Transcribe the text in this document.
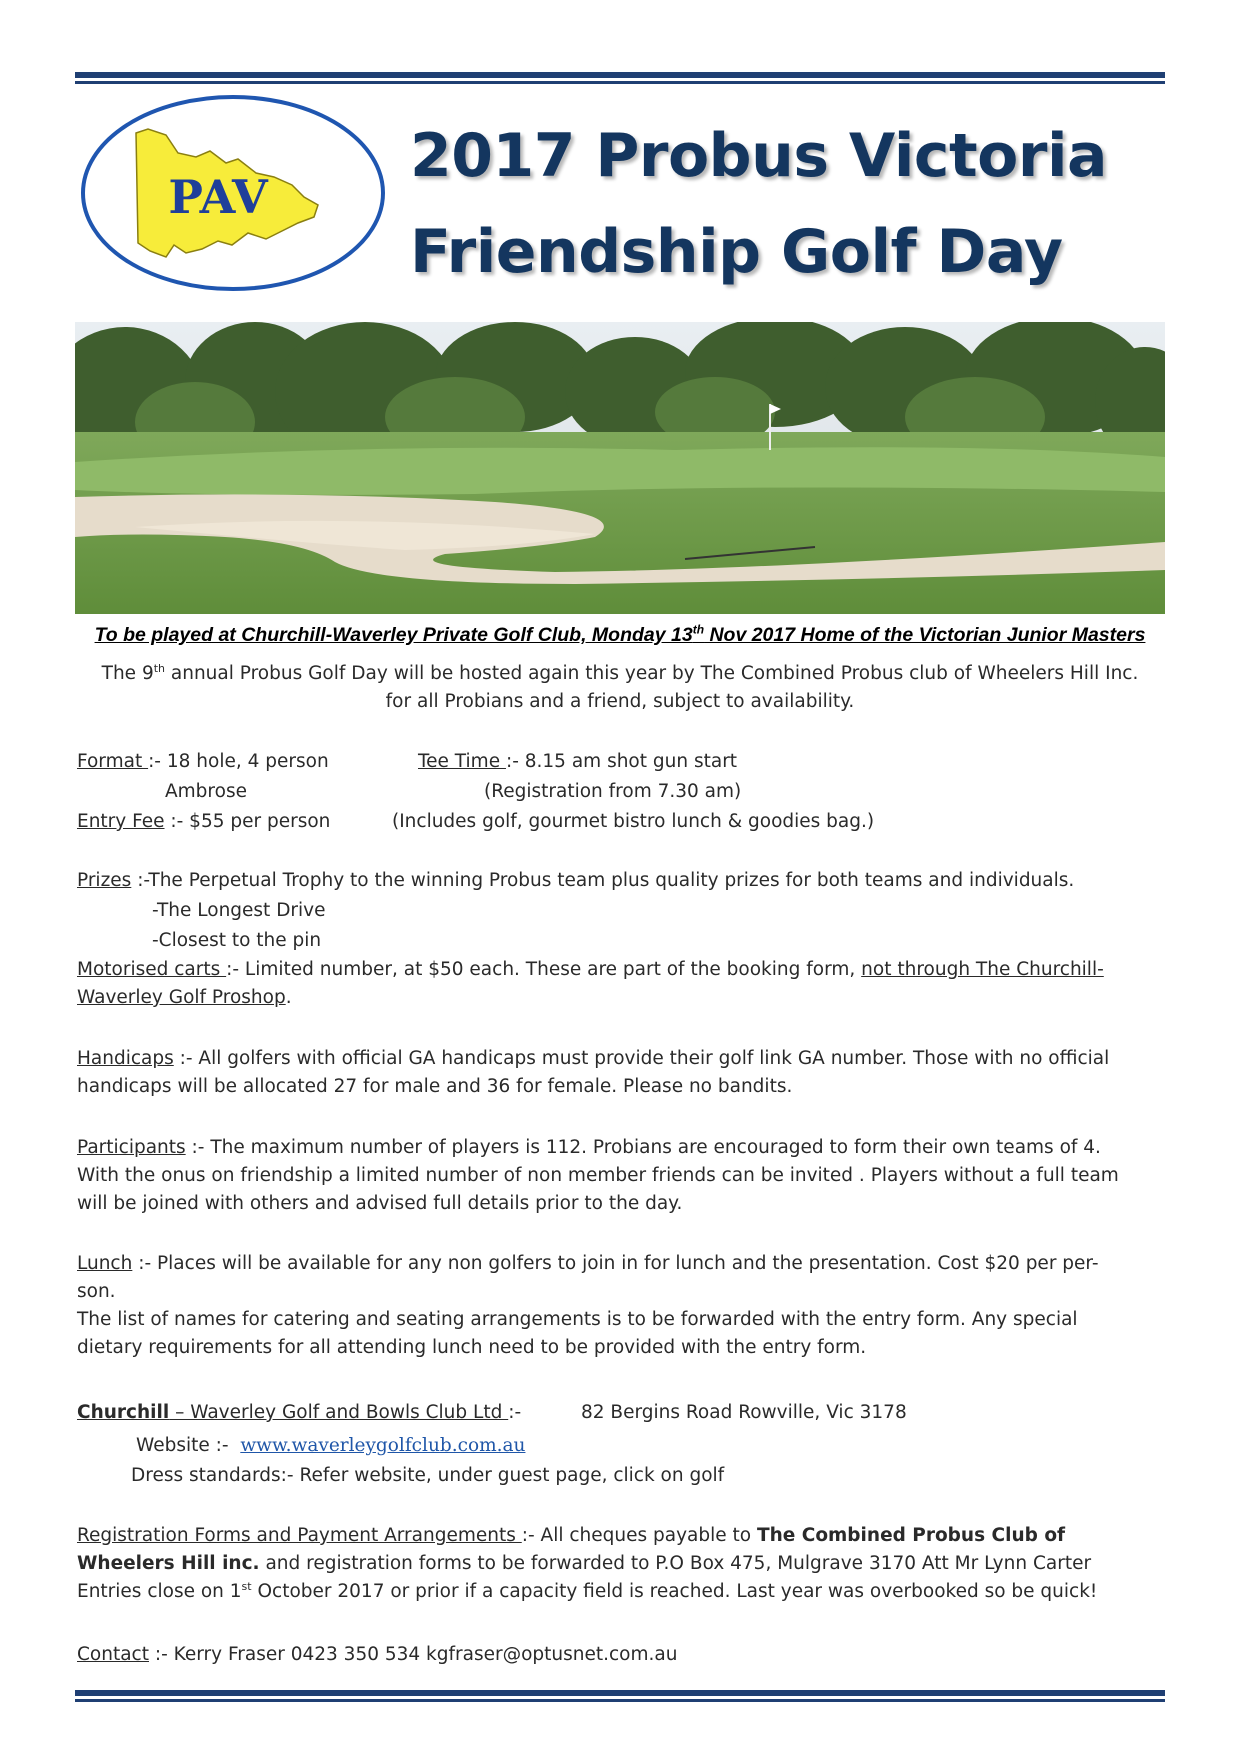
PAV
2017 Probus Victoria
Friendship Golf Day
To be played at Churchill-Waverley Private Golf Club, Monday 13th Nov 2017 Home of the Victorian Junior Masters
The 9th annual Probus Golf Day will be hosted again this year by The Combined Probus club of Wheelers Hill Inc.
for all Probians and a friend, subject to availability.
Format :- 18 hole, 4 person	Tee Time :- 8.15 am shot gun start
Ambrose	(Registration from 7.30 am)
Entry Fee :- $55 per person	(Includes golf, gourmet bistro lunch & goodies bag.)
Prizes :-The Perpetual Trophy to the winning Probus team plus quality prizes for both teams and individuals.
-The Longest Drive
-Closest to the pin
Motorised carts :- Limited number, at $50 each. These are part of the booking form, not through The Churchill-
Waverley Golf Proshop.
Handicaps :- All golfers with official GA handicaps must provide their golf link GA number. Those with no official
handicaps will be allocated 27 for male and 36 for female. Please no bandits.
Participants :- The maximum number of players is 112. Probians are encouraged to form their own teams of 4.
With the onus on friendship a limited number of non member friends can be invited . Players without a full team
will be joined with others and advised full details prior to the day.
Lunch :- Places will be available for any non golfers to join in for lunch and the presentation. Cost $20 per per-
son.
The list of names for catering and seating arrangements is to be forwarded with the entry form. Any special
dietary requirements for all attending lunch need to be provided with the entry form.
Churchill – Waverley Golf and Bowls Club Ltd :-	82 Bergins Road Rowville, Vic 3178
Website :- www.waverleygolfclub.com.au
Dress standards:- Refer website, under guest page, click on golf
Registration Forms and Payment Arrangements :- All cheques payable to The Combined Probus Club of
Wheelers Hill inc. and registration forms to be forwarded to P.O Box 475, Mulgrave 3170 Att Mr Lynn Carter
Entries close on 1st October 2017 or prior if a capacity field is reached. Last year was overbooked so be quick!
Contact :- Kerry Fraser 0423 350 534 kgfraser@optusnet.com.au
